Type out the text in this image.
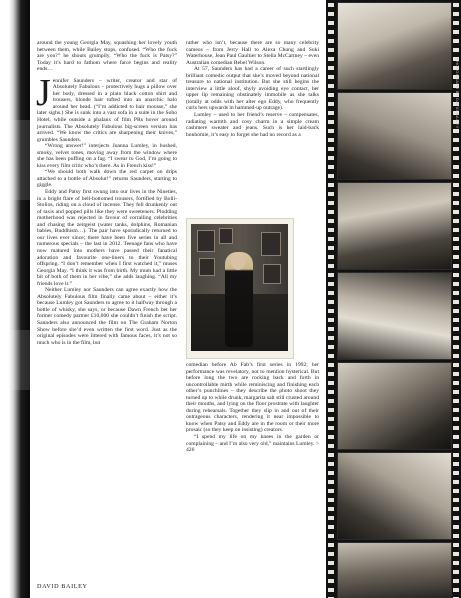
around the young Georgia May, squashing her lovely youth between them, while Bailey stops, confused. “Who the fuck are you?” he shouts grumpily. “Who the fuck is Patsy?” Today it’s hard to fathom where farce begins and reality ends…

Jennifer Saunders – writer, creator and star of Absolutely Fabulous – protectively hugs a pillow over her body, dressed in a plain black cotton shirt and trousers, blonde hair tufted into an anarchic halo around her head. (“I’m addicted to hair mousse,” she later sighs.) She is sunk into a vast sofa in a suite in the Soho Hotel, while outside a phalanx of film PRs hover around journalists. The Absolutely Fabulous big-screen version has arrived. “We know the critics are sharpening their knives,” grumbles Saunders.

“Wrong answer!” interjects Joanna Lumley, in hushed, smoky, velvet tones, moving away from the window where she has been puffing on a fag. “I swear to God, I’m going to kiss every film critic who’s there. As in French kiss!”

“We should both walk down the red carpet on drips attached to a bottle of Absolut!” returns Saunders, starting to giggle.

Eddy and Patsy first swung into our lives in the Nineties, in a bright flare of bell-bottomed trousers, fortified by Bolli-Stolios, riding on a cloud of incense. They fell drunkenly out of taxis and popped pills like they were sweeteners. Plodding motherhood was rejected in favour of corralling celebrities and chasing the zeitgeist (water tanks, dolphins, Romanian babies, Buddhism…). The pair have sporadically returned to our lives ever since; there have been five series in all and numerous specials – the last in 2012. Teenage fans who have now matured into mothers have passed their fanatical adoration and favourite one-liners to their Youtubing offspring. “I don’t remember when I first watched it,” muses Georgia May. “I think it was from birth. My mum had a little bit of both of them in her vibe,” she adds laughing. “All my friends love it.”

Neither Lumley nor Saunders can agree exactly how the Absolutely Fabulous film finally came about – either it’s because Lumley got Saunders to agree to it halfway through a bottle of whisky, she says, or because Dawn French bet her former comedy partner £10,000 she couldn’t finish the script. Saunders also announced the film on The Graham Norton Show before she’d even written the first word. Just as the original episodes were littered with famous faces, it’s not so much who is in the film, but

rather who isn’t, because there are so many celebrity cameos – from Jerry Hall to Alexa Chung and Suki Waterhouse, Jean Paul Gaultier to Stella McCartney – even Australian comedian Rebel Wilson.

At 57, Saunders has had a career of such startlingly brilliant comedic output that she’s moved beyond national treasure to national institution. But she still begins the interview a little aloof, shyly avoiding eye contact, her upper lip remaining obstinately immobile as she talks (totally at odds with her alter ego Eddy, who frequently curls hers upwards in hammed-up outrage).

Lumley – used to her friend’s reserve – compensates, radiating warmth and cosy charm in a simple cream cashmere sweater and jeans. Such is her laid-back bonhomie, it’s easy to forget she had no record as a

comedian before Ab Fab’s first series in 1992; her performance was revelatory, not to mention hysterical. But before long the two are rocking back and forth in uncontrollable mirth while reminiscing and finishing each other’s punchlines – they describe the photo shoot they turned up to while drunk, margarita salt still crusted around their mouths, and lying on the floor prostrate with laughter during rehearsals. Together they slip in and out of their outrageous characters, rendering it near impossible to know when Patsy and Eddy are in the room or their more prosaic (so they keep on insisting) creators.

“I spend my life on my knees in the garden or complaining – and I’m also very old,” maintains Lumley. > 426

PHOTOGRAPH BY DAVID BAILEY
DAVID BAILEY
